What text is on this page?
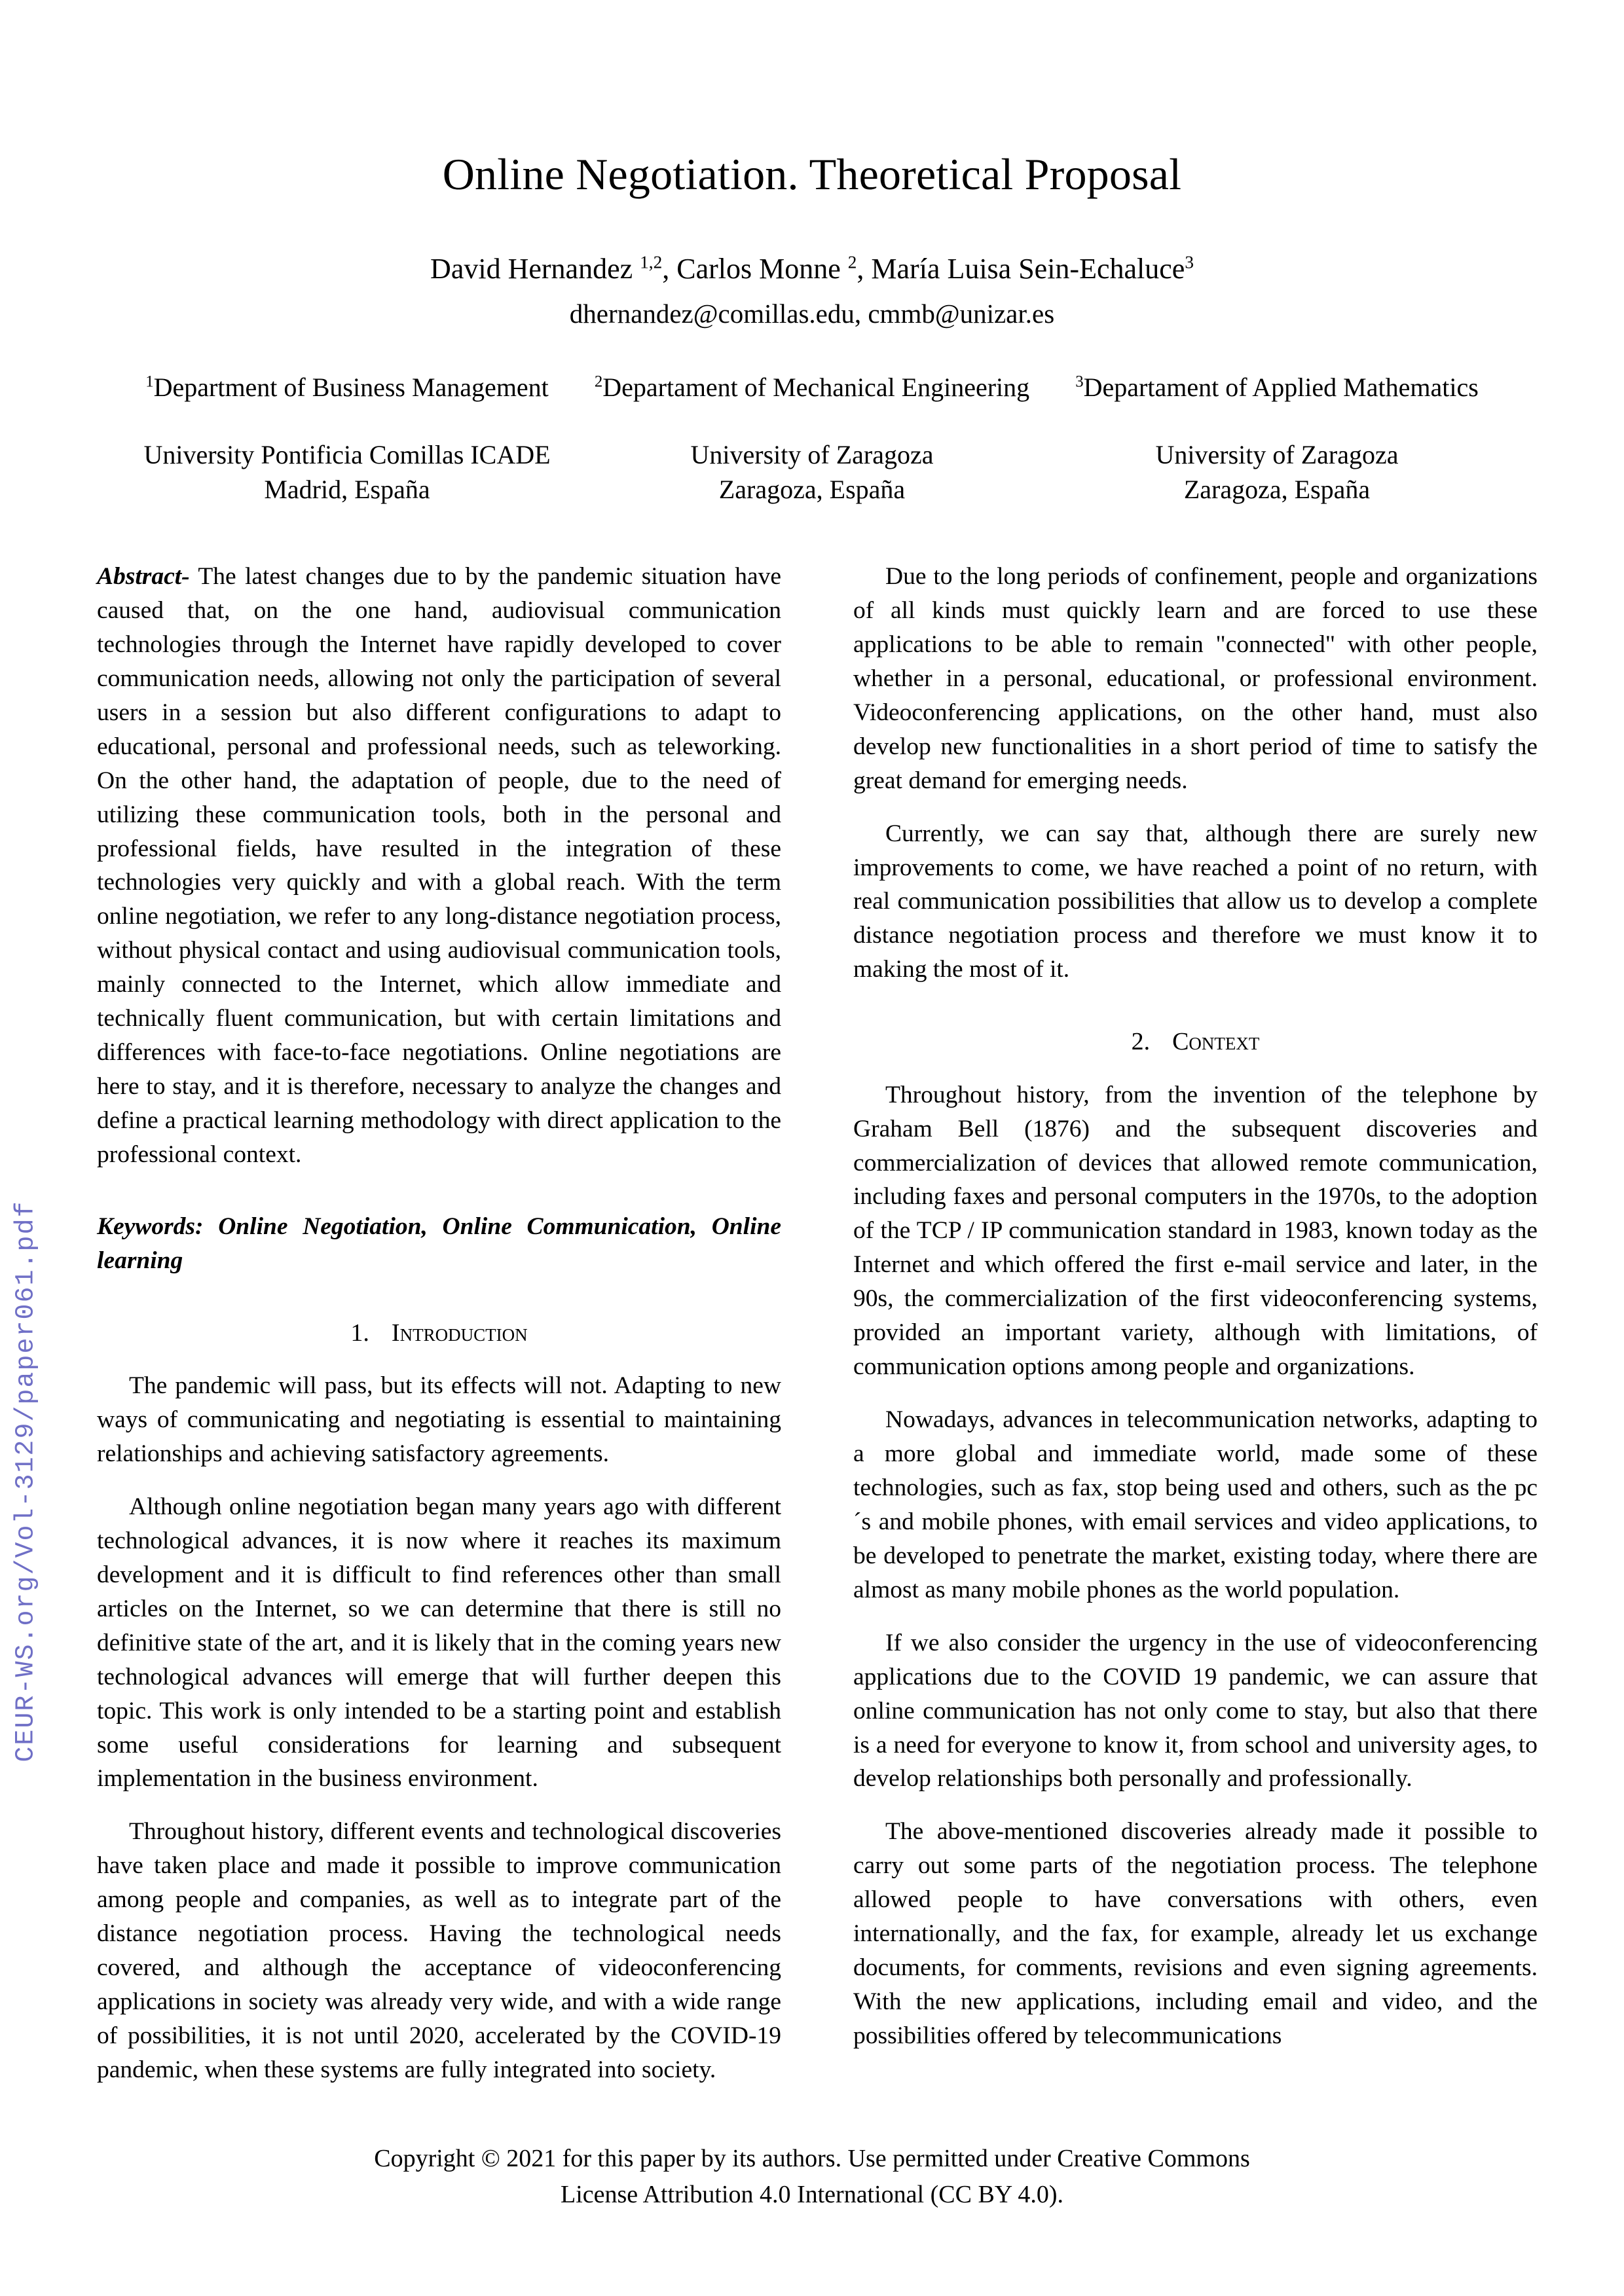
CEUR-WS.org/Vol-3129/paper061.pdf
Online Negotiation. Theoretical Proposal
David Hernandez $^{1,2}$, Carlos Monne $^2$, María Luisa Sein-Echaluce$^3$
dhernandez@comillas.edu, cmmb@unizar.es
$^1$Department of Business Management
University Pontificia Comillas ICADE
Madrid, España
$^2$Departament of Mechanical Engineering
University of Zaragoza
Zaragoza, España
$^3$Departament of Applied Mathematics
University of Zaragoza
Zaragoza, España

Abstract- The latest changes due to by the pandemic situation have caused that, on the one hand, audiovisual communication technologies through the Internet have rapidly developed to cover communication needs, allowing not only the participation of several users in a session but also different configurations to adapt to educational, personal and professional needs, such as teleworking. On the other hand, the adaptation of people, due to the need of utilizing these communication tools, both in the personal and professional fields, have resulted in the integration of these technologies very quickly and with a global reach. With the term online negotiation, we refer to any long-distance negotiation process, without physical contact and using audiovisual communication tools, mainly connected to the Internet, which allow immediate and technically fluent communication, but with certain limitations and differences with face-to-face negotiations. Online negotiations are here to stay, and it is therefore, necessary to analyze the changes and define a practical learning methodology with direct application to the professional context.

Keywords: Online Negotiation, Online Communication, Online learning

1. Introduction

The pandemic will pass, but its effects will not. Adapting to new ways of communicating and negotiating is essential to maintaining relationships and achieving satisfactory agreements.

Although online negotiation began many years ago with different technological advances, it is now where it reaches its maximum development and it is difficult to find references other than small articles on the Internet, so we can determine that there is still no definitive state of the art, and it is likely that in the coming years new technological advances will emerge that will further deepen this topic. This work is only intended to be a starting point and establish some useful considerations for learning and subsequent implementation in the business environment.

Throughout history, different events and technological discoveries have taken place and made it possible to improve communication among people and companies, as well as to integrate part of the distance negotiation process. Having the technological needs covered, and although the acceptance of videoconferencing applications in society was already very wide, and with a wide range of possibilities, it is not until 2020, accelerated by the COVID-19 pandemic, when these systems are fully integrated into society.

Due to the long periods of confinement, people and organizations of all kinds must quickly learn and are forced to use these applications to be able to remain "connected" with other people, whether in a personal, educational, or professional environment. Videoconferencing applications, on the other hand, must also develop new functionalities in a short period of time to satisfy the great demand for emerging needs.

Currently, we can say that, although there are surely new improvements to come, we have reached a point of no return, with real communication possibilities that allow us to develop a complete distance negotiation process and therefore we must know it to making the most of it.

2. Context

Throughout history, from the invention of the telephone by Graham Bell (1876) and the subsequent discoveries and commercialization of devices that allowed remote communication, including faxes and personal computers in the 1970s, to the adoption of the TCP / IP communication standard in 1983, known today as the Internet and which offered the first e-mail service and later, in the 90s, the commercialization of the first videoconferencing systems, provided an important variety, although with limitations, of communication options among people and organizations.

Nowadays, advances in telecommunication networks, adapting to a more global and immediate world, made some of these technologies, such as fax, stop being used and others, such as the pc´s and mobile phones, with email services and video applications, to be developed to penetrate the market, existing today, where there are almost as many mobile phones as the world population.

If we also consider the urgency in the use of videoconferencing applications due to the COVID 19 pandemic, we can assure that online communication has not only come to stay, but also that there is a need for everyone to know it, from school and university ages, to develop relationships both personally and professionally.

The above-mentioned discoveries already made it possible to carry out some parts of the negotiation process. The telephone allowed people to have conversations with others, even internationally, and the fax, for example, already let us exchange documents, for comments, revisions and even signing agreements. With the new applications, including email and video, and the possibilities offered by telecommunications

Copyright © 2021 for this paper by its authors. Use permitted under Creative Commons
License Attribution 4.0 International (CC BY 4.0).
